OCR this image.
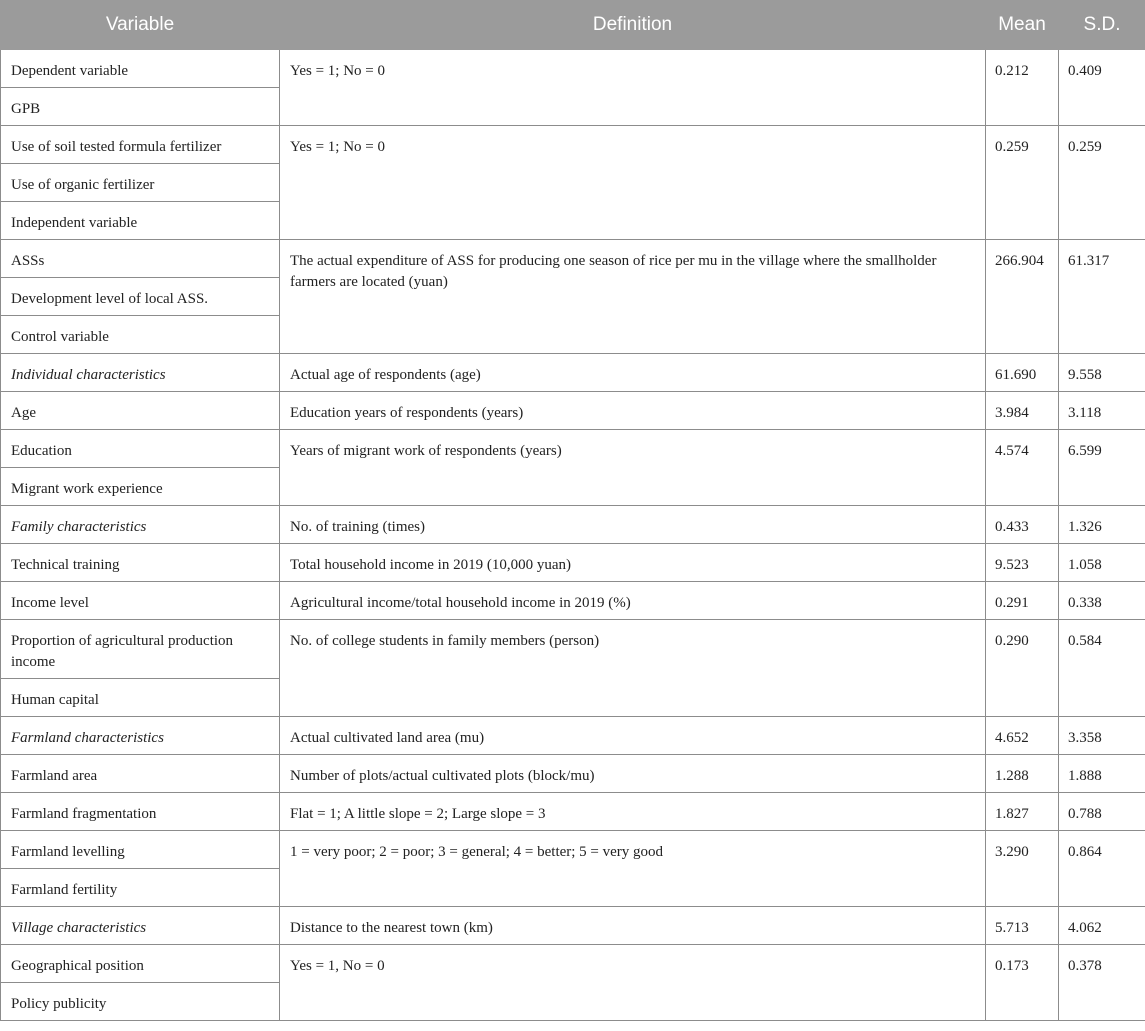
Variable	Definition	Mean	S.D.
Dependent variable	Yes = 1; No = 0	0.212	0.409
GPB			
Use of soil tested formula fertilizer	Yes = 1; No = 0	0.259	0.259
Use of organic fertilizer			
Independent variable			
ASSs	The actual expenditure of ASS for producing one season of rice per mu in the village where the smallholder farmers are located (yuan)	266.904	61.317
Development level of local ASS.			
Control variable			
Individual characteristics	Actual age of respondents (age)	61.690	9.558
Age	Education years of respondents (years)	3.984	3.118
Education	Years of migrant work of respondents (years)	4.574	6.599
Migrant work experience			
Family characteristics	No. of training (times)	0.433	1.326
Technical training	Total household income in 2019 (10,000 yuan)	9.523	1.058
Income level	Agricultural income/total household income in 2019 (%)	0.291	0.338
Proportion of agricultural production income	No. of college students in family members (person)	0.290	0.584
Human capital			
Farmland characteristics	Actual cultivated land area (mu)	4.652	3.358
Farmland area	Number of plots/actual cultivated plots (block/mu)	1.288	1.888
Farmland fragmentation	Flat = 1; A little slope = 2; Large slope = 3	1.827	0.788
Farmland levelling	1 = very poor; 2 = poor; 3 = general; 4 = better; 5 = very good	3.290	0.864
Farmland fertility			
Village characteristics	Distance to the nearest town (km)	5.713	4.062
Geographical position	Yes = 1, No = 0	0.173	0.378
Policy publicity			
